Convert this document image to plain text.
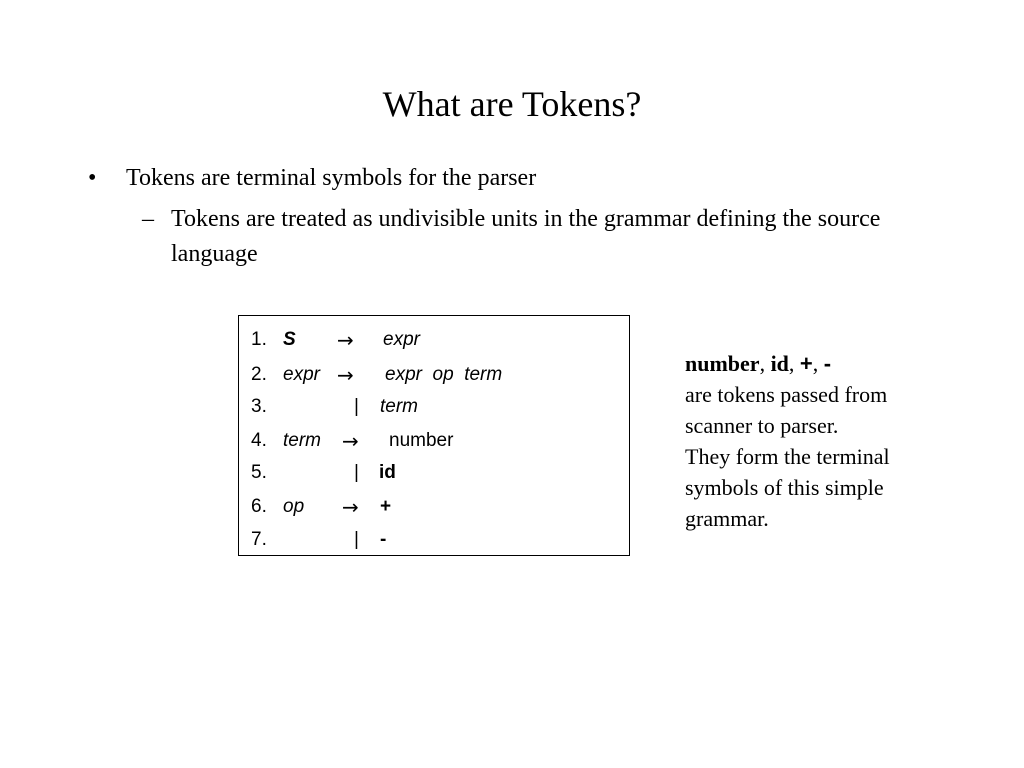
What are Tokens?
• Tokens are terminal symbols for the parser
– Tokens are treated as undivisible units in the grammar defining the source language
1. S → expr
2. expr → expr  op  term
3.	| term
4. term → number
5.	| id
6. op → +
7.	| -
number, id, +, -
are tokens passed from
scanner to parser.
They form the terminal
symbols of this simple
grammar.
